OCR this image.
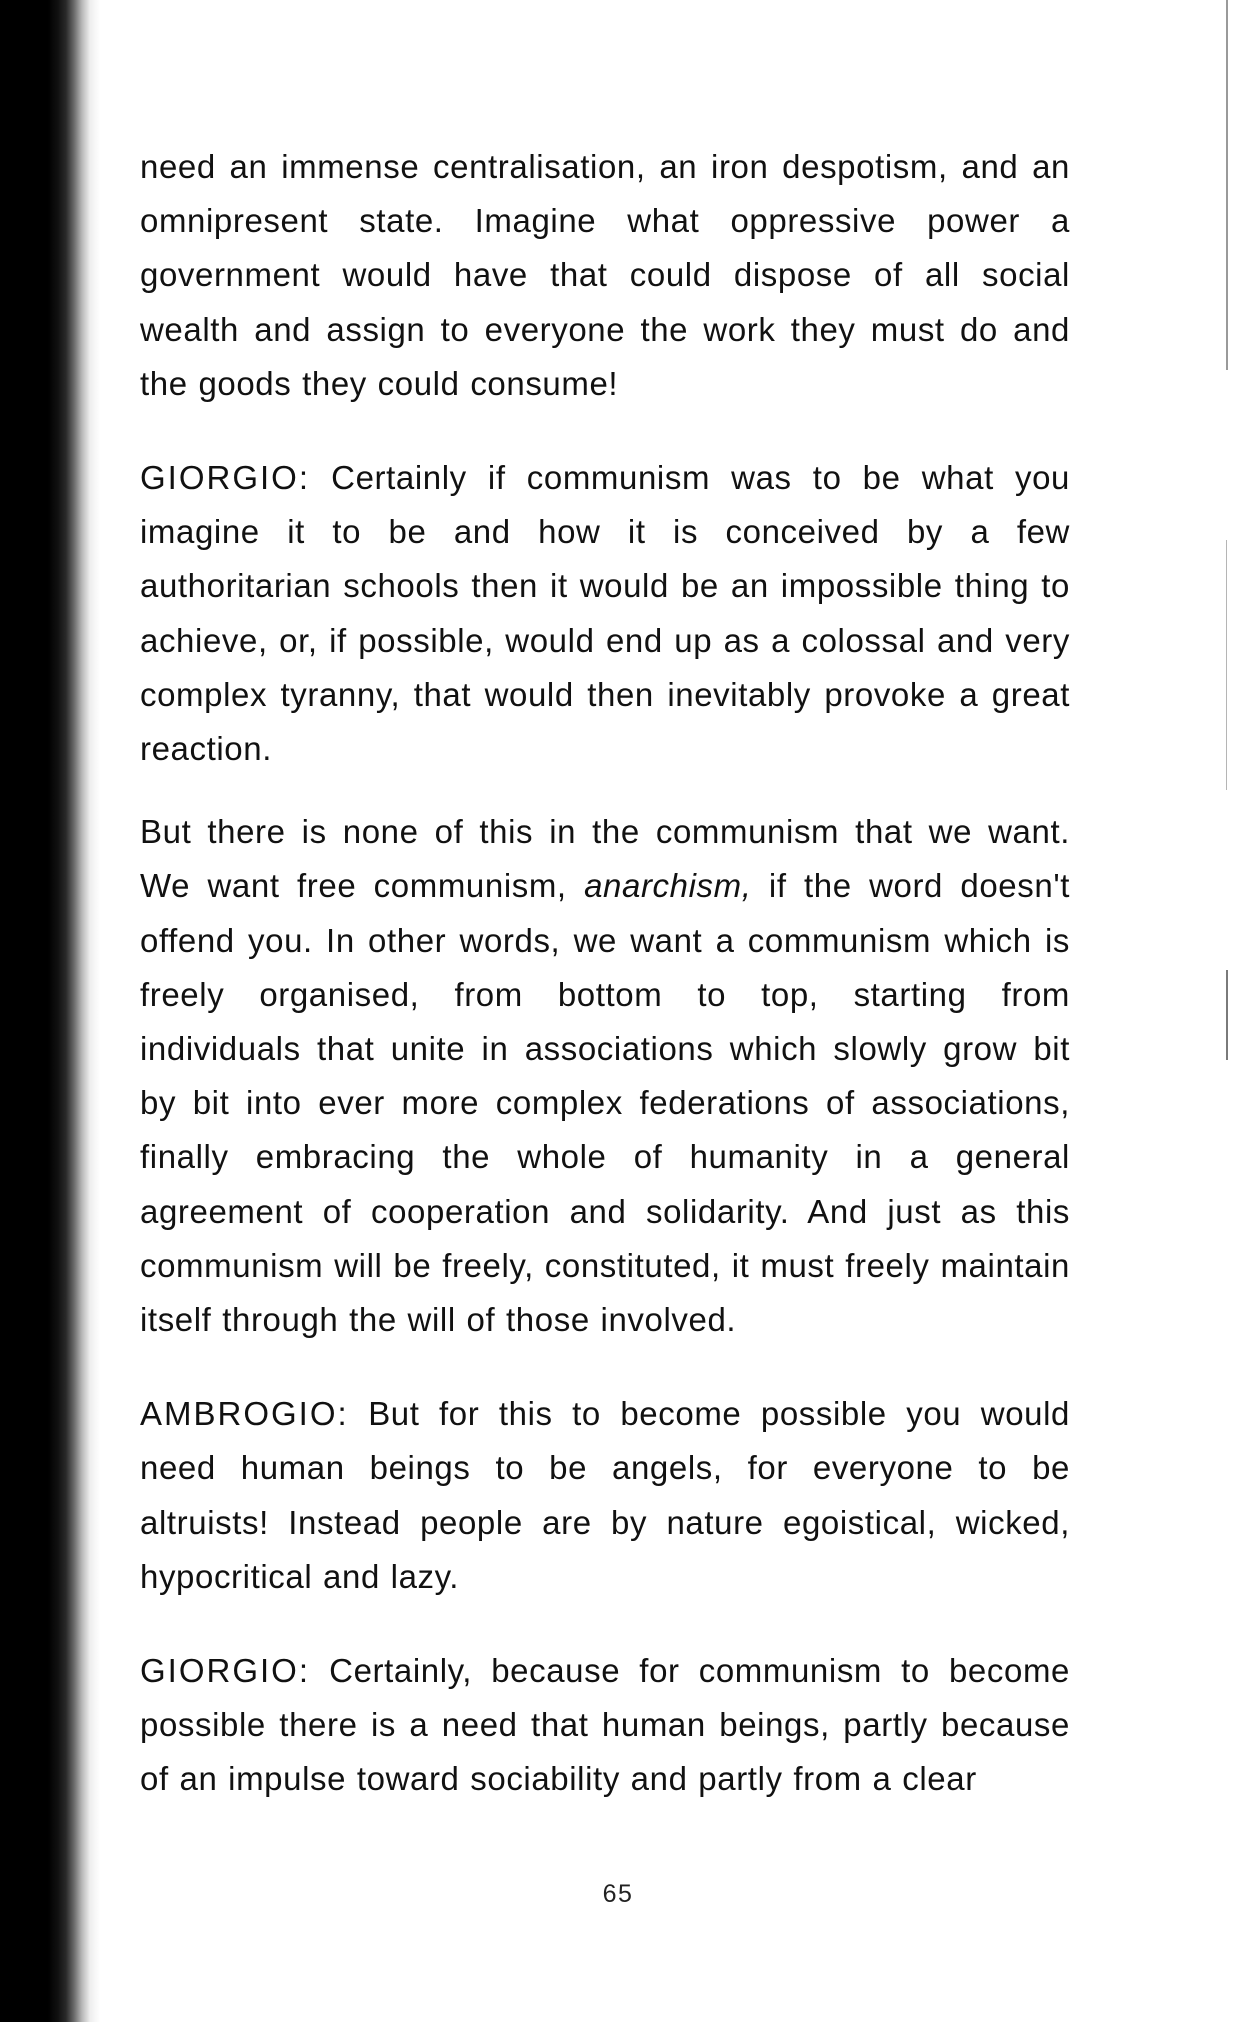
need an immense centralisation, an iron despotism, and an omnipresent state. Imagine what oppressive power a government would have that could dispose of all social wealth and assign to everyone the work they must do and the goods they could consume!

GIORGIO: Certainly if communism was to be what you imagine it to be and how it is conceived by a few authoritarian schools then it would be an impossible thing to achieve, or, if possible, would end up as a colossal and very complex tyranny, that would then inevitably provoke a great reaction.

But there is none of this in the communism that we want. We want free communism, anarchism, if the word doesn't offend you. In other words, we want a communism which is freely organised, from bottom to top, starting from individuals that unite in associations which slowly grow bit by bit into ever more complex federations of associations, finally embracing the whole of humanity in a general agreement of cooperation and solidarity. And just as this communism will be freely, constituted, it must freely maintain itself through the will of those involved.

AMBROGIO: But for this to become possible you would need human beings to be angels, for everyone to be altruists! Instead people are by nature egoistical, wicked, hypocritical and lazy.

GIORGIO: Certainly, because for communism to become possible there is a need that human beings, partly because of an impulse toward sociability and partly from a clear

65
